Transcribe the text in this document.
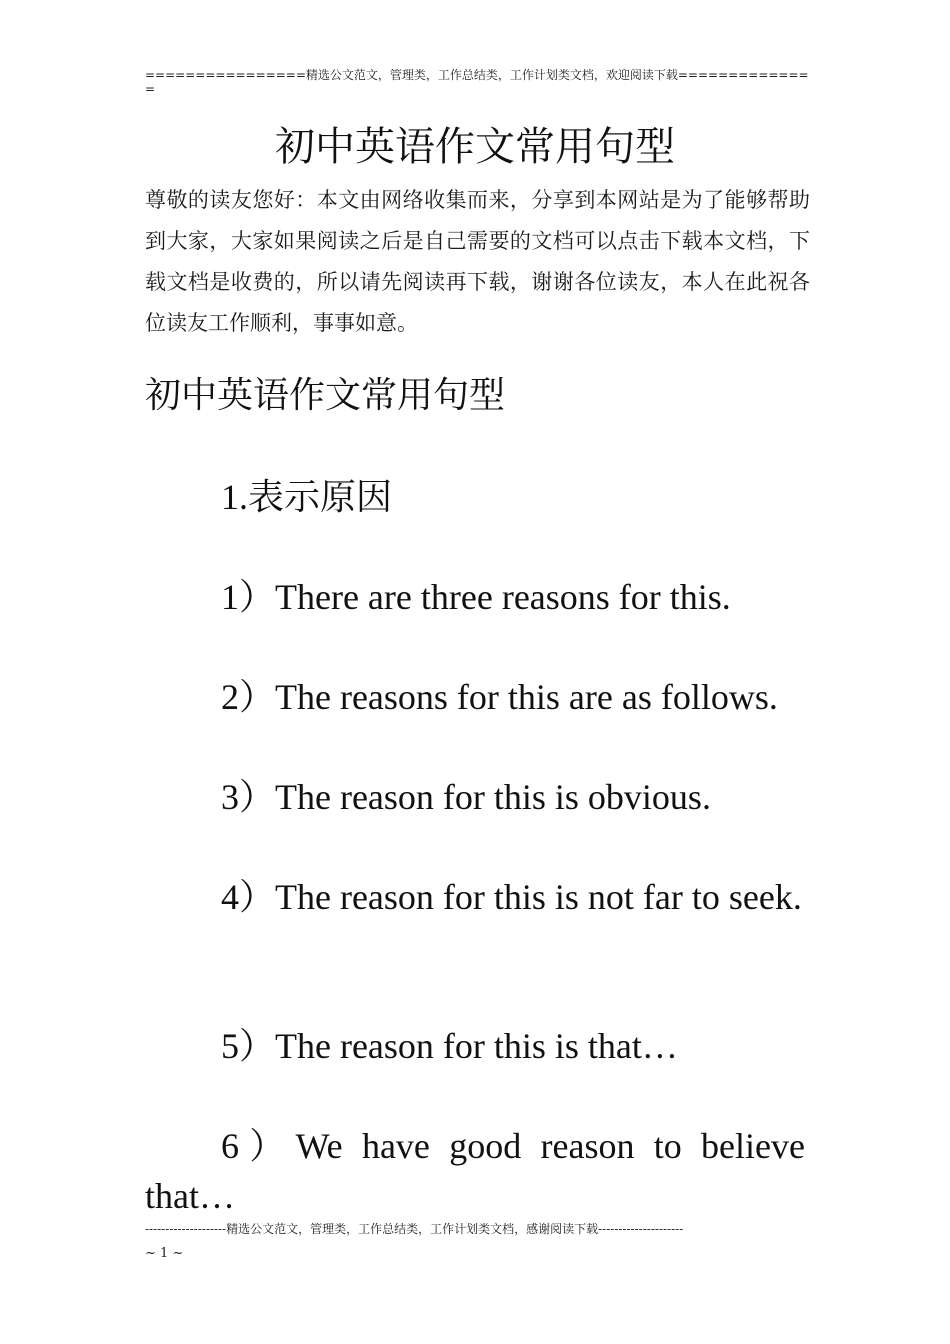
================精选公文范文，管理类，工作总结类，工作计划类文档，欢迎阅读下载==============
初中英语作文常用句型
尊敬的读友您好：本文由网络收集而来，分享到本网站是为了能够帮助到大家，大家如果阅读之后是自己需要的文档可以点击下载本文档，下载文档是收费的，所以请先阅读再下载，谢谢各位读友，本人在此祝各位读友工作顺利，事事如意。
初中英语作文常用句型
1.表示原因
1）There are three reasons for this.
2）The reasons for this are as follows.
3）The reason for this is obvious.
4）The reason for this is not far to seek.
5）The reason for this is that…
6）We have good reason to believe that…
--------------------精选公文范文，管理类，工作总结类，工作计划类文档，感谢阅读下载---------------------
~ 1 ~
